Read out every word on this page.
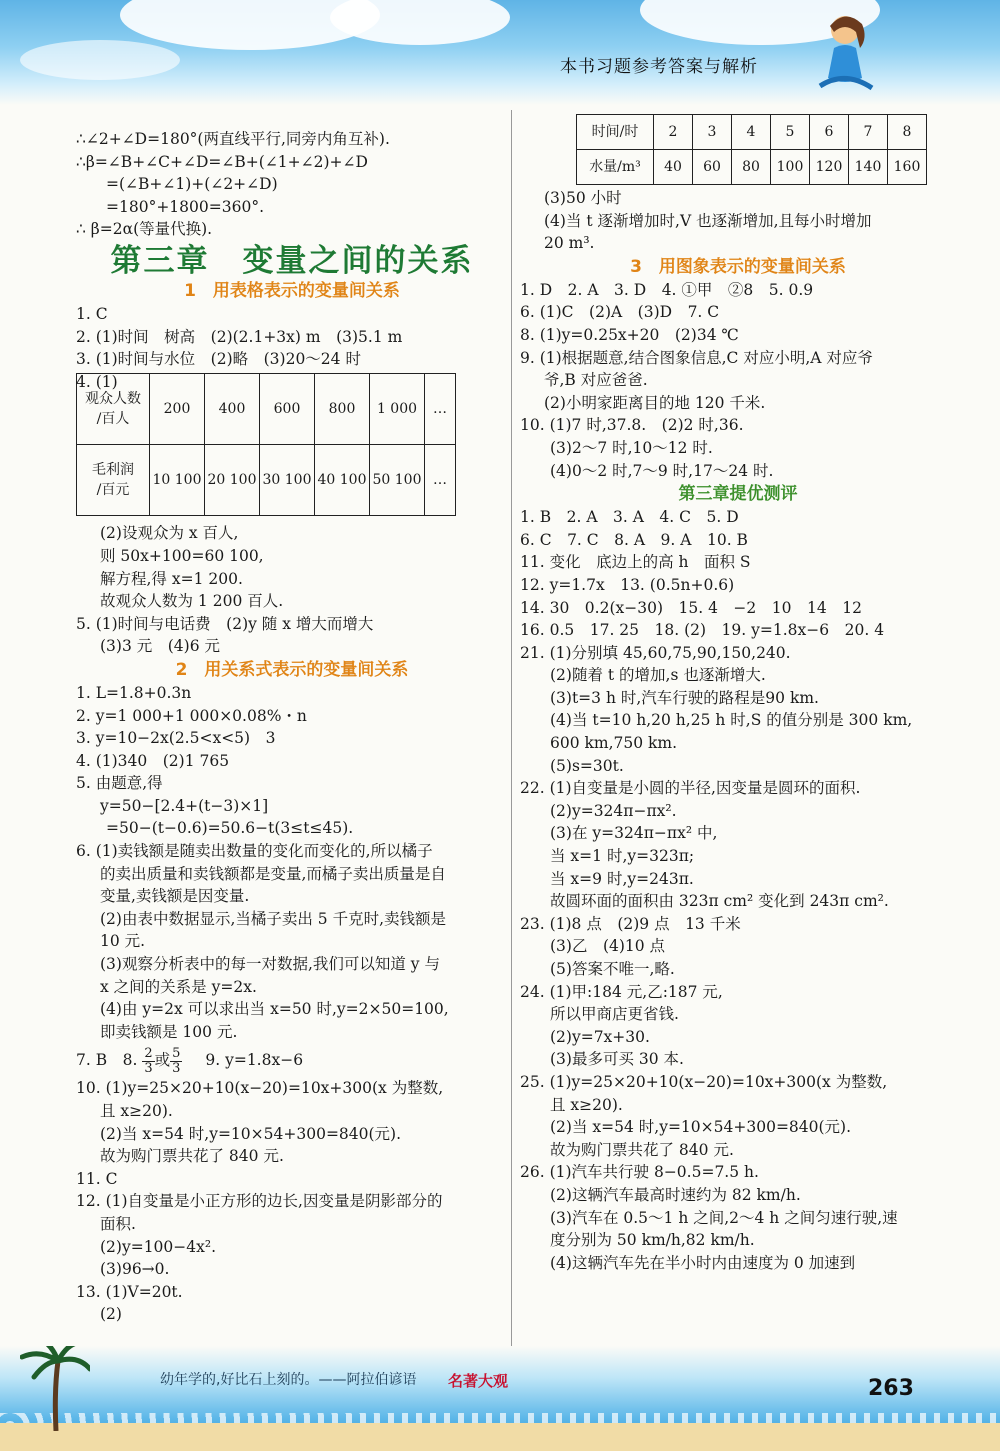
本书习题参考答案与解析
∴∠2+∠D=180°(两直线平行,同旁内角互补).
∴β=∠B+∠C+∠D=∠B+(∠1+∠2)+∠D
=(∠B+∠1)+(∠2+∠D)
=180°+1800=360°.
∴ β=2α(等量代换).
第三章　变量之间的关系
1　用表格表示的变量间关系
1. C
2. (1)时间　树高　(2)(2.1+3x) m　(3)5.1 m
3. (1)时间与水位　(2)略　(3)20～24 时
4. (1)
观众人数
/百人	200	400	600	800	1 000	…
毛利润
/百元	10 100	20 100	30 100	40 100	50 100	…
(2)设观众为 x 百人,
则 50x+100=60 100,
解方程,得 x=1 200.
故观众人数为 1 200 百人.
5. (1)时间与电话费　(2)y 随 x 增大而增大
(3)3 元　(4)6 元
2　用关系式表示的变量间关系
1. L=1.8+0.3n
2. y=1 000+1 000×0.08%・n
3. y=10−2x(2.5<x<5)　3
4. (1)340　(2)1 765
5. 由题意,得
y=50−[2.4+(t−3)×1]
=50−(t−0.6)=50.6−t(3≤t≤45).
6. (1)卖钱额是随卖出数量的变化而变化的,所以橘子
的卖出质量和卖钱额都是变量,而橘子卖出质量是自
变量,卖钱额是因变量.
(2)由表中数据显示,当橘子卖出 5 千克时,卖钱额是
10 元.
(3)观察分析表中的每一对数据,我们可以知道 y 与
x 之间的关系是 y=2x.
(4)由 y=2x 可以求出当 x=50 时,y=2×50=100,
即卖钱额是 100 元.
7. B　8. $\frac{2}{3}$ 或 $\frac{5}{3} 9$. y=1.8x−6
10. (1)y=25×20+10(x−20)=10x+300(x 为整数,
且 x≥20).
(2)当 x=54 时,y=10×54+300=840(元).
故为购门票共花了 840 元.
11. C
12. (1)自变量是小正方形的边长,因变量是阴影部分的
面积.
(2)y=100−4x².
(3)96→0.
13. (1)V=20t.
(2)
时间/时	2	3	4	5	6	7	8
水量/m³	40	60	80	100	120	140	160
(3)50 小时
(4)当 t 逐渐增加时,V 也逐渐增加,且每小时增加
20 m³.
3　用图象表示的变量间关系
1. D　2. A　3. D　4. ①甲　②8　5. 0.9
6. (1)C　(2)A　(3)D　7. C
8. (1)y=0.25x+20　(2)34 ℃
9. (1)根据题意,结合图象信息,C 对应小明,A 对应爷
爷,B 对应爸爸.
(2)小明家距离目的地 120 千米.
10. (1)7 时,37.8.　(2)2 时,36.
(3)2～7 时,10～12 时.
(4)0～2 时,7～9 时,17～24 时.
第三章提优测评
1. B　2. A　3. A　4. C　5. D
6. C　7. C　8. A　9. A　10. B
11. 变化　底边上的高 h　面积 S
12. y=1.7x　13. (0.5n+0.6)
14. 30　0.2(x−30)　15. 4　−2　10　14　12
16. 0.5　17. 25　18. (2)　19. y=1.8x−6　20. 4
21. (1)分别填 45,60,75,90,150,240.
(2)随着 t 的增加,s 也逐渐增大.
(3)t=3 h 时,汽车行驶的路程是90 km.
(4)当 t=10 h,20 h,25 h 时,S 的值分别是 300 km,
600 km,750 km.
(5)s=30t.
22. (1)自变量是小圆的半径,因变量是圆环的面积.
(2)y=324π−πx².
(3)在 y=324π−πx² 中,
当 x=1 时,y=323π;
当 x=9 时,y=243π.
故圆环面的面积由 323π cm² 变化到 243π cm².
23. (1)8 点　(2)9 点　13 千米
(3)乙　(4)10 点
(5)答案不唯一,略.
24. (1)甲:184 元,乙:187 元,
所以甲商店更省钱.
(2)y=7x+30.
(3)最多可买 30 本.
25. (1)y=25×20+10(x−20)=10x+300(x 为整数,
且 x≥20).
(2)当 x=54 时,y=10×54+300=840(元).
故为购门票共花了 840 元.
26. (1)汽车共行驶 8−0.5=7.5 h.
(2)这辆汽车最高时速约为 82 km/h.
(3)汽车在 0.5～1 h 之间,2～4 h 之间匀速行驶,速
度分别为 50 km/h,82 km/h.
(4)这辆汽车先在半小时内由速度为 0 加速到
幼年学的,好比石上刻的。——阿拉伯谚语 名著大观	263
